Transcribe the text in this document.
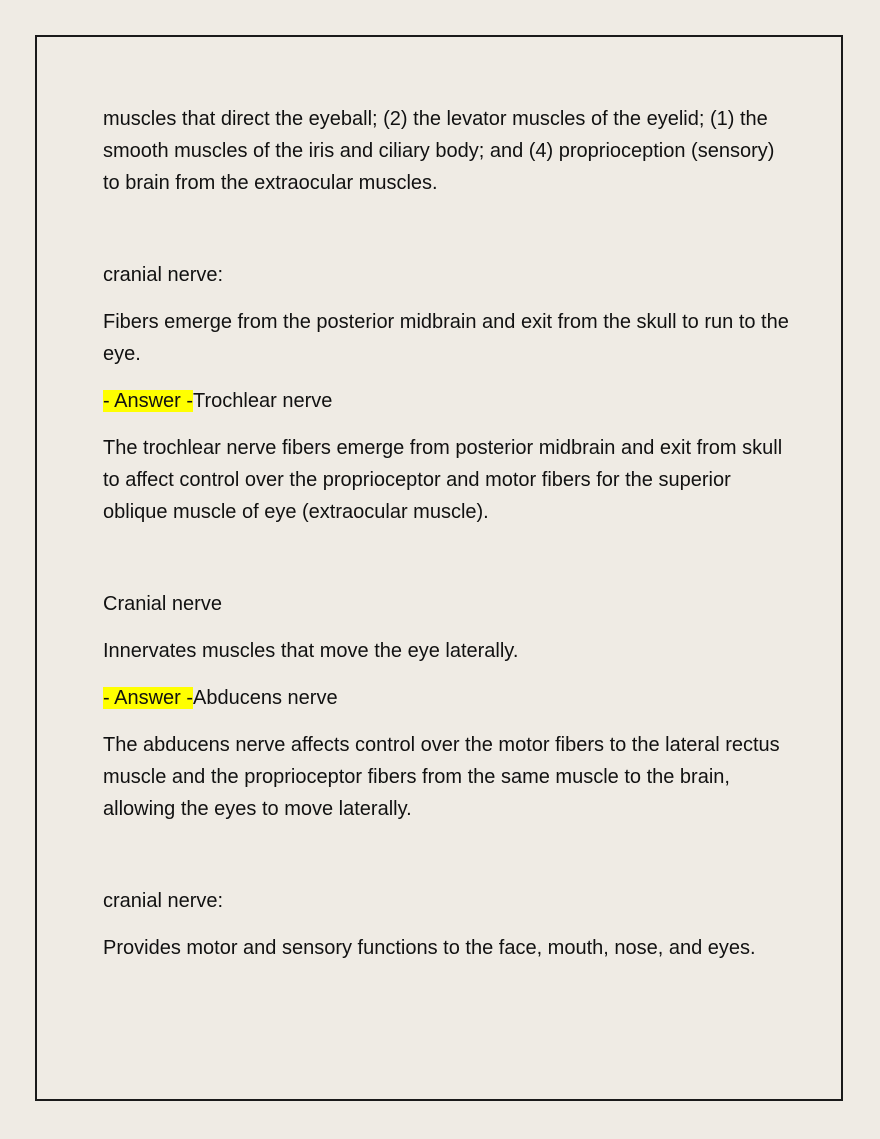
muscles that direct the eyeball; (2) the levator muscles of the eyelid; (1) the smooth muscles of the iris and ciliary body; and (4) proprioception (sensory) to brain from the extraocular muscles.

cranial nerve:

Fibers emerge from the posterior midbrain and exit from the skull to run to the eye.

- Answer -Trochlear nerve

The trochlear nerve fibers emerge from posterior midbrain and exit from skull to affect control over the proprioceptor and motor fibers for the superior oblique muscle of eye (extraocular muscle).

Cranial nerve

Innervates muscles that move the eye laterally.

- Answer -Abducens nerve

The abducens nerve affects control over the motor fibers to the lateral rectus muscle and the proprioceptor fibers from the same muscle to the brain, allowing the eyes to move laterally.

cranial nerve:

Provides motor and sensory functions to the face, mouth, nose, and eyes.
